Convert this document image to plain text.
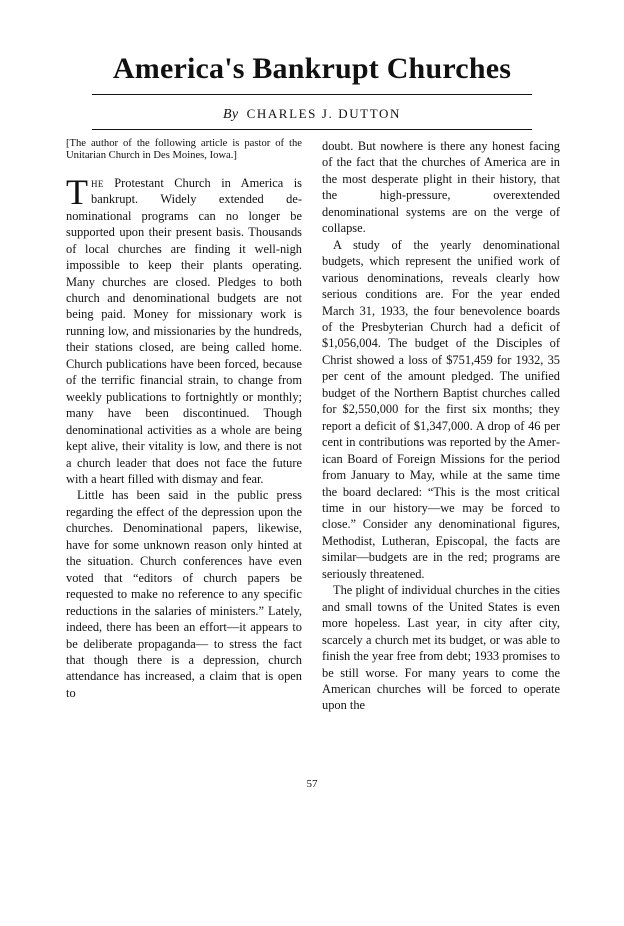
America's Bankrupt Churches
By CHARLES J. DUTTON

[The author of the following article is pastor of the Unitarian Church in Des Moines, Iowa.]

The Protestant Church in America is bankrupt. Widely extended denominational programs can no longer be supported upon their present basis. Thousands of local churches are finding it well-nigh impossible to keep their plants operating. Many churches are closed. Pledges to both church and denominational budgets are not being paid. Money for missionary work is running low, and missionaries by the hundreds, their stations closed, are being called home. Church publications have been forced, because of the terrific financial strain, to change from weekly publications to fortnightly or monthly; many have been discontinued. Though denominational activities as a whole are being kept alive, their vitality is low, and there is not a church leader that does not face the future with a heart filled with dismay and fear.

Little has been said in the public press regarding the effect of the depression upon the churches. Denominational papers, likewise, have for some unknown reason only hinted at the situation. Church conferences have even voted that “editors of church papers be requested to make no reference to any specific reductions in the salaries of ministers.” Lately, indeed, there has been an effort—it appears to be deliberate propaganda— to stress the fact that though there is a depression, church attendance has increased, a claim that is open to

doubt. But nowhere is there any honest facing of the fact that the churches of America are in the most desperate plight in their history, that the high-pressure, overextended denominational systems are on the verge of collapse.

A study of the yearly denominational budgets, which represent the unified work of various denominations, reveals clearly how serious conditions are. For the year ended March 31, 1933, the four benevolence boards of the Presbyterian Church had a deficit of $1,056,004. The budget of the Disciples of Christ showed a loss of $751,459 for 1932, 35 per cent of the amount pledged. The unified budget of the Northern Baptist churches called for $2,550,000 for the first six months; they report a deficit of $1,347,000. A drop of 46 per cent in contributions was reported by the American Board of Foreign Missions for the period from January to May, while at the same time the board declared: “This is the most critical time in our history—we may be forced to close.” Consider any denominational figures, Methodist, Lutheran, Episcopal, the facts are similar—budgets are in the red; programs are seriously threatened.

The plight of individual churches in the cities and small towns of the United States is even more hopeless. Last year, in city after city, scarcely a church met its budget, or was able to finish the year free from debt; 1933 promises to be still worse. For many years to come the American churches will be forced to operate upon the

57
